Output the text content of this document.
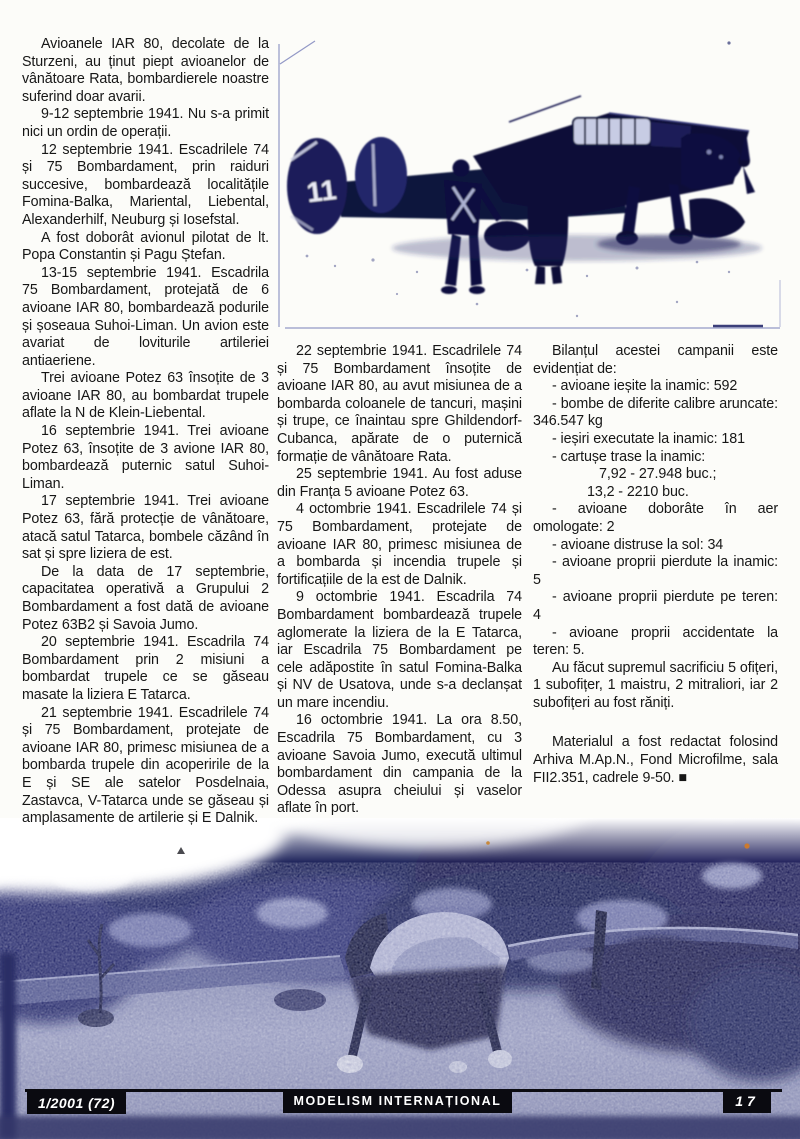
Avioanele IAR 80, decolate de la Sturzeni, au ținut piept avioanelor de vânătoare Rata, bombardierele noastre suferind doar avarii.

9-12 septembrie 1941. Nu s-a primit nici un ordin de operații.

12 septembrie 1941. Escadrilele 74 și 75 Bombardament, prin raiduri succesive, bombardează localitățile Fomina-Balka, Mariental, Liebental, Alexanderhilf, Neuburg și Iosefstal.

A fost doborât avionul pilotat de lt. Popa Constantin și Pagu Ștefan.

13-15 septembrie 1941. Escadrila 75 Bombardament, protejată de 6 avioane IAR 80, bombardează podurile și șoseaua Suhoi-Liman. Un avion este avariat de loviturile artileriei antiaeriene.

Trei avioane Potez 63 însoțite de 3 avioane IAR 80, au bombardat trupele aflate la N de Klein-Liebental.

16 septembrie 1941. Trei avioane Potez 63, însoțite de 3 avione IAR 80, bombardează puternic satul Suhoi-Liman.

17 septembrie 1941. Trei avioane Potez 63, fără protecție de vânătoare, atacă satul Tatarca, bombele căzând în sat și spre liziera de est.

De la data de 17 septembrie, capacitatea operativă a Grupului 2 Bombardament a fost dată de avioane Potez 63B2 și Savoia Jumo.

20 septembrie 1941. Escadrila 74 Bombardament prin 2 misiuni a bombardat trupele ce se găseau masate la liziera E Tatarca.

21 septembrie 1941. Escadrilele 74 și 75 Bombardament, protejate de avioane IAR 80, primesc misiunea de a bombarda trupele din acoperirile de la E și SE ale satelor Posdelnaia, Zastavca, V-Tatarca unde se găseau și amplasamente de artilerie și E Dalnik.

22 septembrie 1941. Escadrilele 74 și 75 Bombardament însoțite de avioane IAR 80, au avut misiunea de a bombarda coloanele de tancuri, mașini și trupe, ce înaintau spre Ghildendorf-Cubanca, apărate de o puternică formație de vânătoare Rata.

25 septembrie 1941. Au fost aduse din Franța 5 avioane Potez 63.

4 octombrie 1941. Escadrilele 74 și 75 Bombardament, protejate de avioane IAR 80, primesc misiunea de a bombarda și incendia trupele și fortificațiile de la est de Dalnik.

9 octombrie 1941. Escadrila 74 Bombardament bombardează trupele aglomerate la liziera de la E Tatarca, iar Escadrila 75 Bombardament pe cele adăpostite în satul Fomina-Balka și NV de Usatova, unde s-a declanșat un mare incendiu.

16 octombrie 1941. La ora 8.50, Escadrila 75 Bombardament, cu 3 avioane Savoia Jumo, execută ultimul bombardament din campania de la Odessa asupra cheiului și vaselor aflate în port.

Bilanțul acestei campanii este evidențiat de:

- avioane ieșite la inamic: 592

- bombe de diferite calibre aruncate: 346.547 kg

- ieșiri executate la inamic: 181

- cartușe trase la inamic:

7,92 - 27.948 buc.;

13,2 - 2210 buc.

- avioane doborâte în aer omologate: 2

- avioane distruse la sol: 34

- avioane proprii pierdute la inamic: 5

- avioane proprii pierdute pe teren: 4

- avioane proprii accidentate la teren: 5.

Au făcut supremul sacrificiu 5 ofițeri, 1 subofițer, 1 maistru, 2 mitraliori, iar 2 subofițeri au fost răniți.

Materialul a fost redactat folosind Arhiva M.Ap.N., Fond Microfilme, sala FII2.351, cadrele 9-50. ■

11
1/2001 (72)	MODELISM INTERNAȚIONAL	17
